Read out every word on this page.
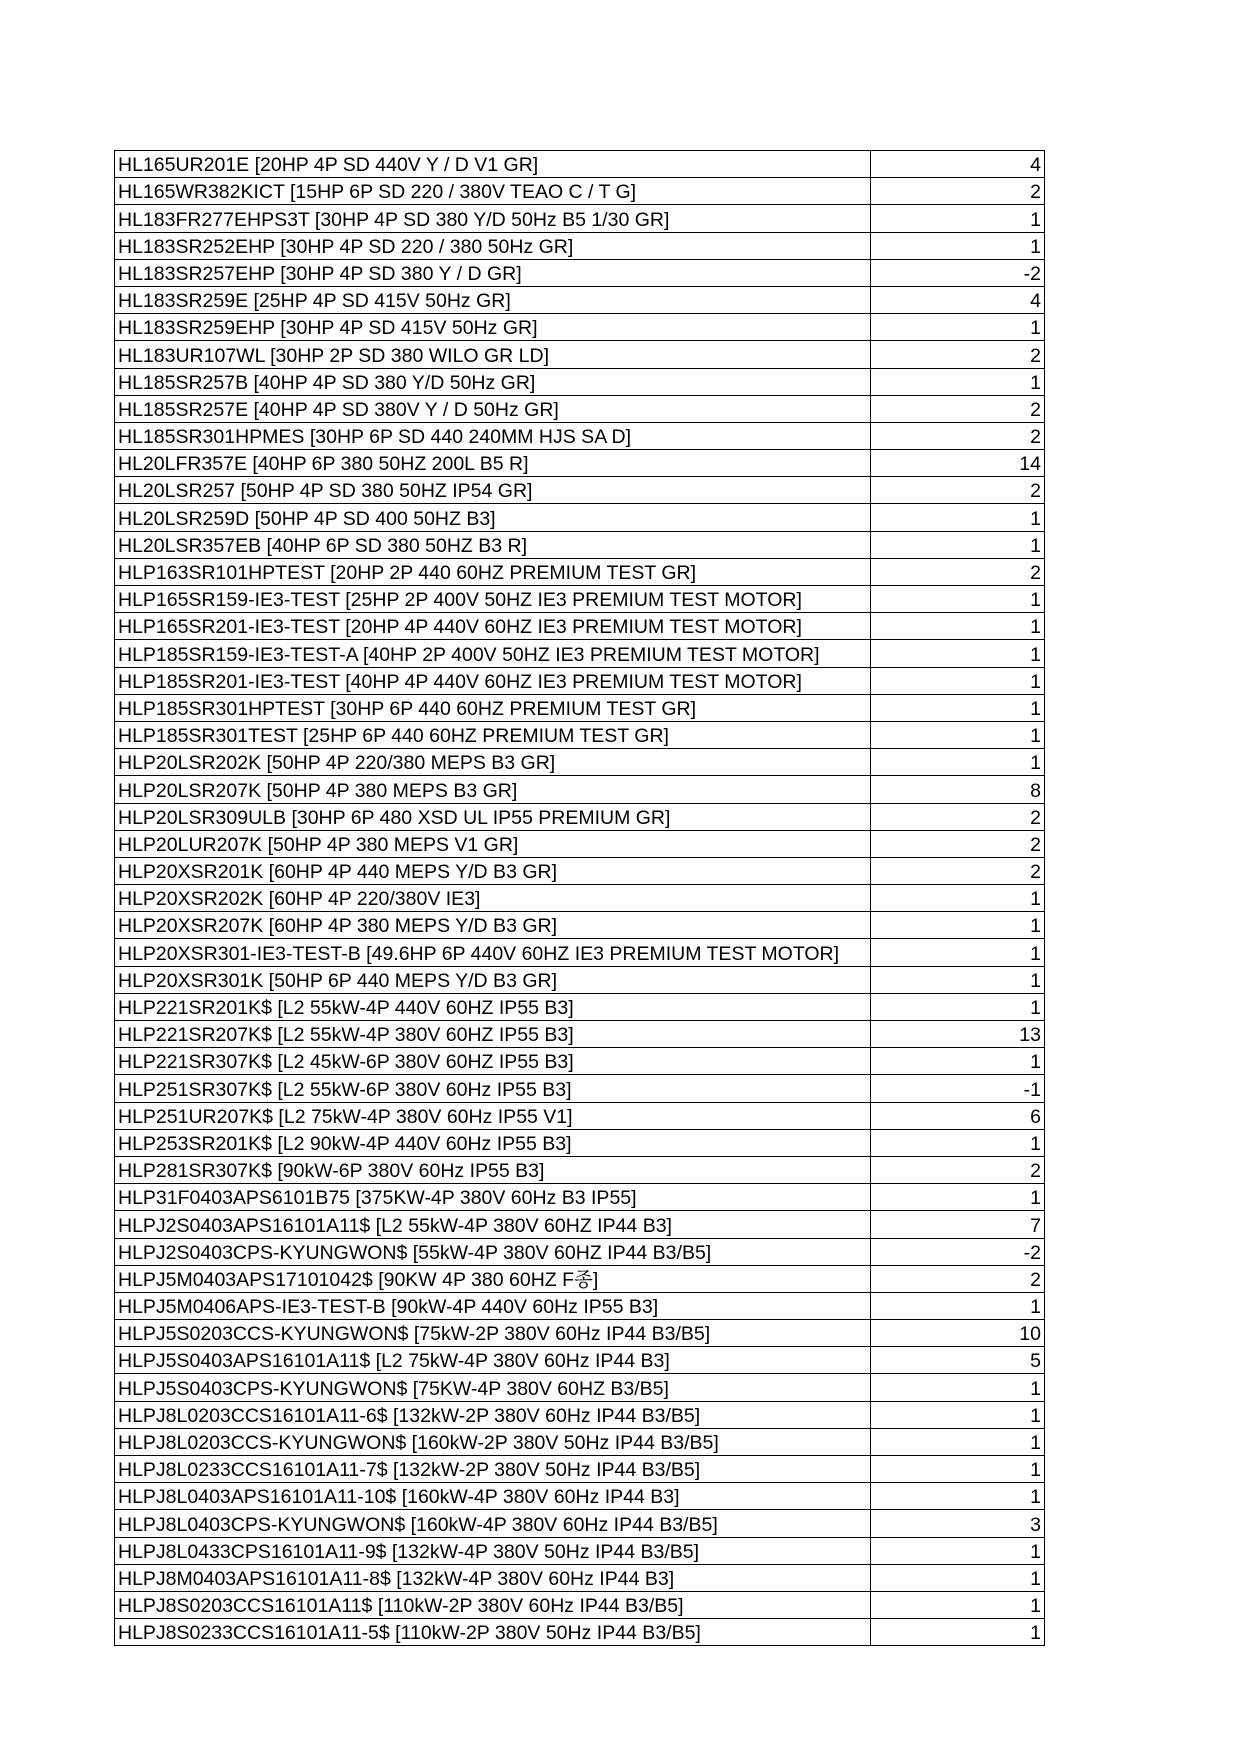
HL165UR201E [20HP 4P SD 440V Y / D V1 GR]	4
HL165WR382KICT [15HP 6P SD 220 / 380V TEAO C / T G]	2
HL183FR277EHPS3T [30HP 4P SD 380 Y/D 50Hz B5 1/30 GR]	1
HL183SR252EHP [30HP 4P SD 220 / 380 50Hz GR]	1
HL183SR257EHP [30HP 4P SD 380 Y / D GR]	-2
HL183SR259E [25HP 4P SD 415V 50Hz GR]	4
HL183SR259EHP [30HP 4P SD 415V 50Hz GR]	1
HL183UR107WL [30HP 2P SD 380 WILO GR LD]	2
HL185SR257B [40HP 4P SD 380 Y/D 50Hz GR]	1
HL185SR257E [40HP 4P SD 380V Y / D 50Hz GR]	2
HL185SR301HPMES [30HP 6P SD 440 240MM HJS SA D]	2
HL20LFR357E [40HP 6P 380 50HZ 200L B5 R]	14
HL20LSR257 [50HP 4P SD 380 50HZ IP54 GR]	2
HL20LSR259D [50HP 4P SD 400 50HZ B3]	1
HL20LSR357EB [40HP 6P SD 380 50HZ B3 R]	1
HLP163SR101HPTEST [20HP 2P 440 60HZ PREMIUM TEST GR]	2
HLP165SR159-IE3-TEST [25HP 2P 400V 50HZ IE3 PREMIUM TEST MOTOR]	1
HLP165SR201-IE3-TEST [20HP 4P 440V 60HZ IE3 PREMIUM TEST MOTOR]	1
HLP185SR159-IE3-TEST-A [40HP 2P 400V 50HZ IE3 PREMIUM TEST MOTOR]	1
HLP185SR201-IE3-TEST [40HP 4P 440V 60HZ IE3 PREMIUM TEST MOTOR]	1
HLP185SR301HPTEST [30HP 6P 440 60HZ PREMIUM TEST GR]	1
HLP185SR301TEST [25HP 6P 440 60HZ PREMIUM TEST GR]	1
HLP20LSR202K [50HP 4P 220/380 MEPS B3 GR]	1
HLP20LSR207K [50HP 4P 380 MEPS B3 GR]	8
HLP20LSR309ULB [30HP 6P 480 XSD UL IP55 PREMIUM GR]	2
HLP20LUR207K [50HP 4P 380 MEPS V1 GR]	2
HLP20XSR201K [60HP 4P 440 MEPS Y/D B3 GR]	2
HLP20XSR202K [60HP 4P 220/380V IE3]	1
HLP20XSR207K [60HP 4P 380 MEPS Y/D B3 GR]	1
HLP20XSR301-IE3-TEST-B [49.6HP 6P 440V 60HZ IE3 PREMIUM TEST MOTOR]	1
HLP20XSR301K [50HP 6P 440 MEPS Y/D B3 GR]	1
HLP221SR201K$ [L2 55kW-4P 440V 60HZ IP55 B3]	1
HLP221SR207K$ [L2 55kW-4P 380V 60HZ IP55 B3]	13
HLP221SR307K$ [L2 45kW-6P 380V 60HZ IP55 B3]	1
HLP251SR307K$ [L2 55kW-6P 380V 60Hz IP55 B3]	-1
HLP251UR207K$ [L2 75kW-4P 380V 60Hz IP55 V1]	6
HLP253SR201K$ [L2 90kW-4P 440V 60Hz IP55 B3]	1
HLP281SR307K$ [90kW-6P 380V 60Hz IP55 B3]	2
HLP31F0403APS6101B75 [375KW-4P 380V 60Hz B3 IP55]	1
HLPJ2S0403APS16101A11$ [L2 55kW-4P 380V 60HZ IP44 B3]	7
HLPJ2S0403CPS-KYUNGWON$ [55kW-4P 380V 60HZ IP44 B3/B5]	-2
HLPJ5M0403APS17101042$ [90KW 4P 380 60HZ F종]	2
HLPJ5M0406APS-IE3-TEST-B [90kW-4P 440V 60Hz IP55 B3]	1
HLPJ5S0203CCS-KYUNGWON$ [75kW-2P 380V 60Hz IP44 B3/B5]	10
HLPJ5S0403APS16101A11$ [L2 75kW-4P 380V 60Hz IP44 B3]	5
HLPJ5S0403CPS-KYUNGWON$ [75KW-4P 380V 60HZ B3/B5]	1
HLPJ8L0203CCS16101A11-6$ [132kW-2P 380V 60Hz IP44 B3/B5]	1
HLPJ8L0203CCS-KYUNGWON$ [160kW-2P 380V 50Hz IP44 B3/B5]	1
HLPJ8L0233CCS16101A11-7$ [132kW-2P 380V 50Hz IP44 B3/B5]	1
HLPJ8L0403APS16101A11-10$ [160kW-4P 380V 60Hz IP44 B3]	1
HLPJ8L0403CPS-KYUNGWON$ [160kW-4P 380V 60Hz IP44 B3/B5]	3
HLPJ8L0433CPS16101A11-9$ [132kW-4P 380V 50Hz IP44 B3/B5]	1
HLPJ8M0403APS16101A11-8$ [132kW-4P 380V 60Hz IP44 B3]	1
HLPJ8S0203CCS16101A11$ [110kW-2P 380V 60Hz IP44 B3/B5]	1
HLPJ8S0233CCS16101A11-5$ [110kW-2P 380V 50Hz IP44 B3/B5]	1
